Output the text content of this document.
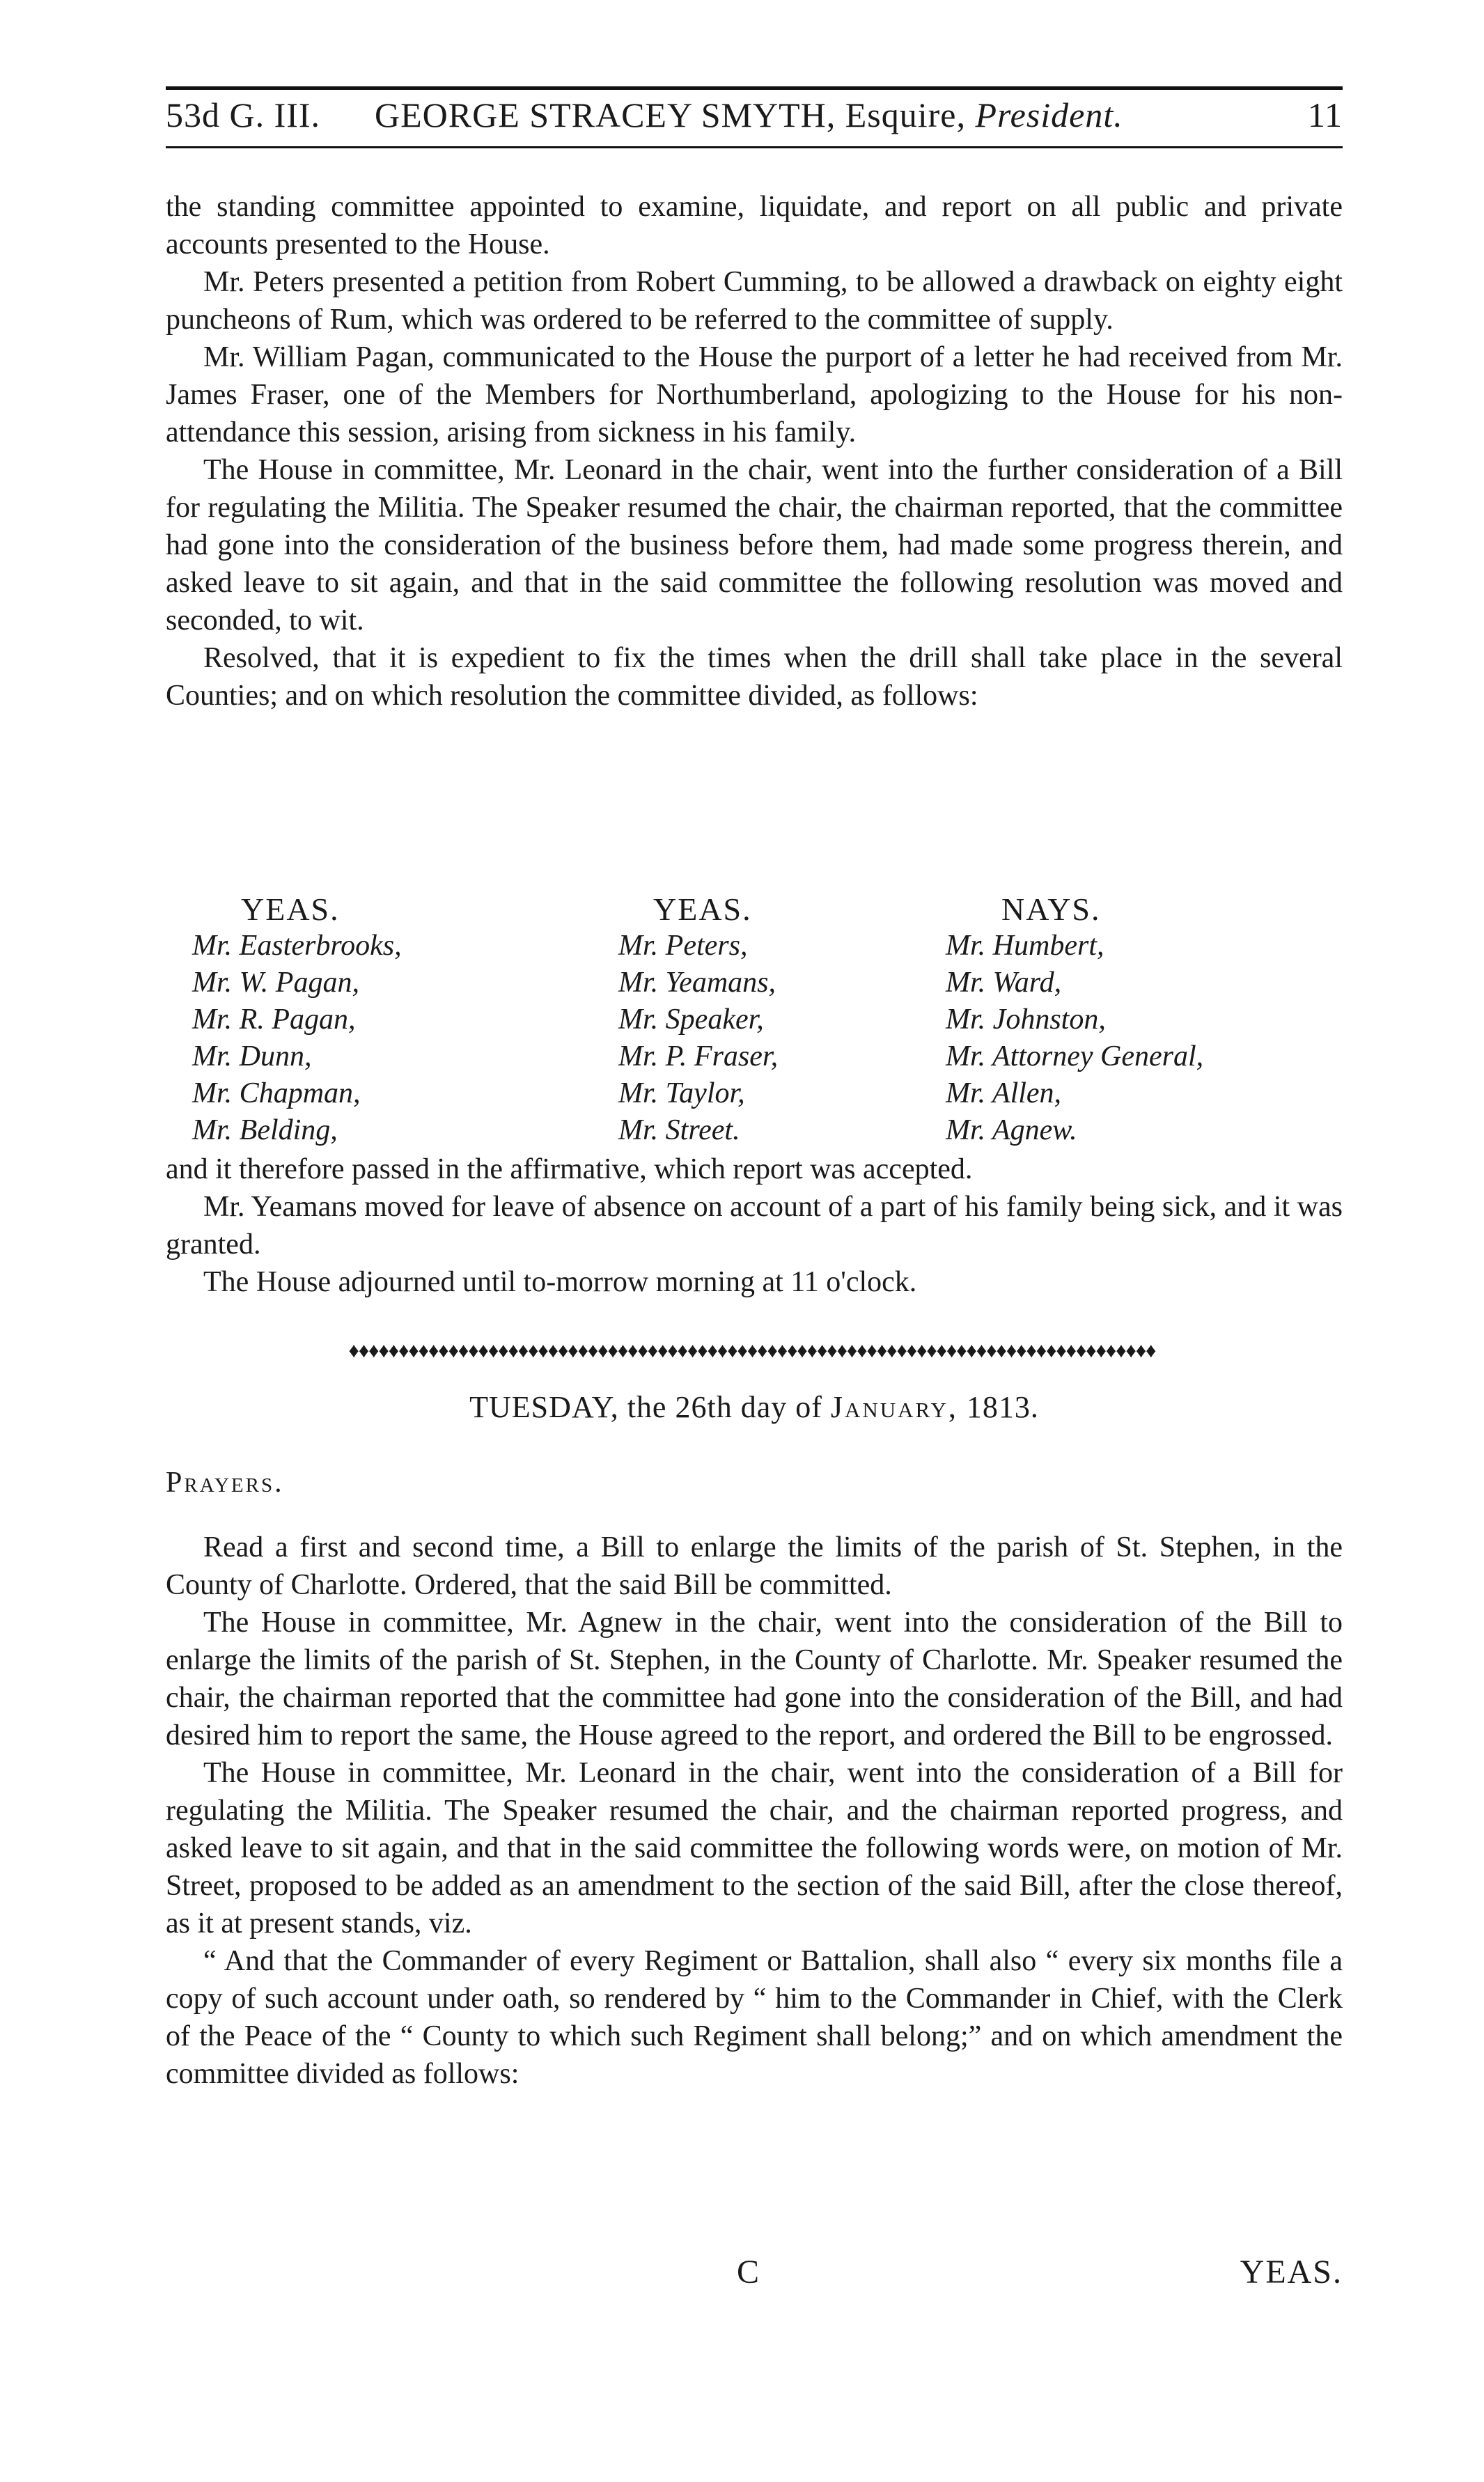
53d G. III. GEORGE STRACEY SMYTH, Esquire, President.	11

the standing committee appointed to examine, liquidate, and report on all public and private accounts presented to the House.

Mr. Peters presented a petition from Robert Cumming, to be allowed a drawback on eighty eight puncheons of Rum, which was ordered to be referred to the committee of supply.

Mr. William Pagan, communicated to the House the purport of a letter he had received from Mr. James Fraser, one of the Members for Northumberland, apologizing to the House for his non-attendance this session, arising from sickness in his family.

The House in committee, Mr. Leonard in the chair, went into the further consideration of a Bill for regulating the Militia. The Speaker resumed the chair, the chairman reported, that the committee had gone into the consideration of the business before them, had made some progress therein, and asked leave to sit again, and that in the said committee the following resolution was moved and seconded, to wit.

Resolved, that it is expedient to fix the times when the drill shall take place in the several Counties; and on which resolution the committee divided, as follows:

YEAS.
Mr. Easterbrooks,
Mr. W. Pagan,
Mr. R. Pagan,
Mr. Dunn,
Mr. Chapman,
Mr. Belding,
YEAS.
Mr. Peters,
Mr. Yeamans,
Mr. Speaker,
Mr. P. Fraser,
Mr. Taylor,
Mr. Street.
NAYS.
Mr. Humbert,
Mr. Ward,
Mr. Johnston,
Mr. Attorney General,
Mr. Allen,
Mr. Agnew.

and it therefore passed in the affirmative, which report was accepted.

Mr. Yeamans moved for leave of absence on account of a part of his family being sick, and it was granted.

The House adjourned until to-morrow morning at 11 o'clock.

♦♦♦♦♦♦♦♦♦♦♦♦♦♦♦♦♦♦♦♦♦♦♦♦♦♦♦♦♦♦♦♦♦♦♦♦♦♦♦♦♦♦♦♦♦♦♦♦♦♦♦♦♦♦♦♦♦♦♦♦♦♦♦♦♦♦♦♦♦♦♦♦♦♦♦♦♦♦♦♦♦
TUESDAY, the 26th day of January, 1813.
Prayers.

Read a first and second time, a Bill to enlarge the limits of the parish of St. Stephen, in the County of Charlotte. Ordered, that the said Bill be committed.

The House in committee, Mr. Agnew in the chair, went into the consideration of the Bill to enlarge the limits of the parish of St. Stephen, in the County of Charlotte. Mr. Speaker resumed the chair, the chairman reported that the committee had gone into the consideration of the Bill, and had desired him to report the same, the House agreed to the report, and ordered the Bill to be engrossed.

The House in committee, Mr. Leonard in the chair, went into the consideration of a Bill for regulating the Militia. The Speaker resumed the chair, and the chairman reported progress, and asked leave to sit again, and that in the said committee the following words were, on motion of Mr. Street, proposed to be added as an amendment to the section of the said Bill, after the close thereof, as it at present stands, viz.

“ And that the Commander of every Regiment or Battalion, shall also “ every six months file a copy of such account under oath, so rendered by “ him to the Commander in Chief, with the Clerk of the Peace of the “ County to which such Regiment shall belong;” and on which amendment the committee divided as follows:

C	YEAS.
